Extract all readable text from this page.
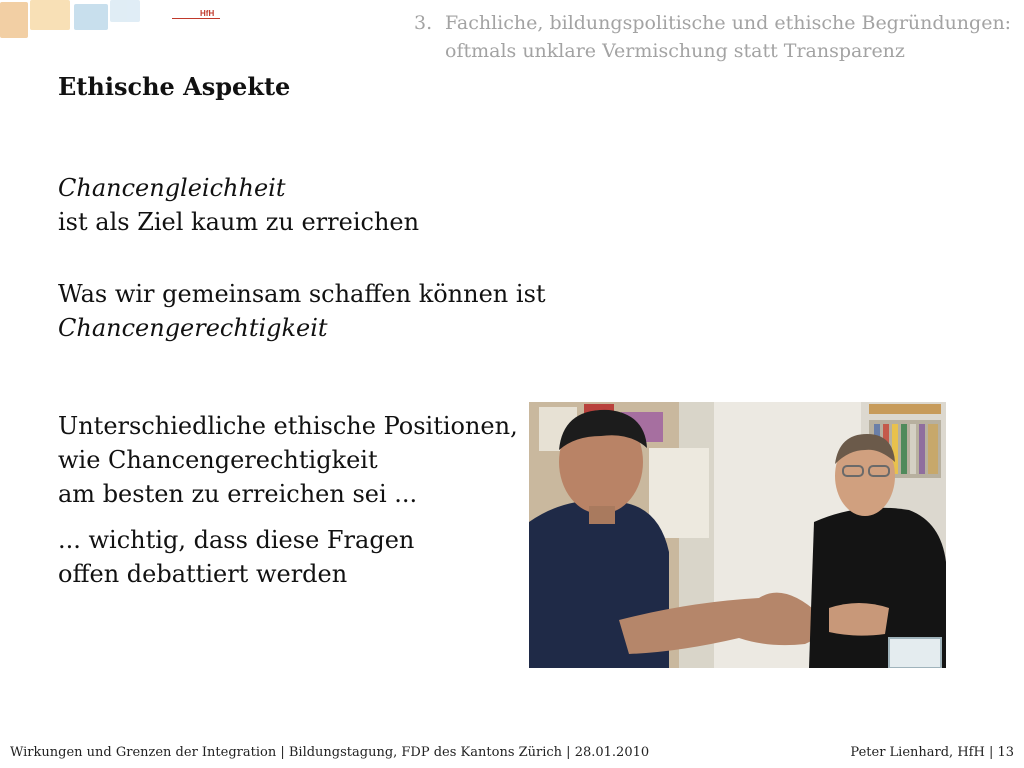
HfH	3. Fachliche, bildungspolitische und ethische Begründungen:
oftmals unklare Vermischung statt Transparenz
Ethische Aspekte
Chancengleichheit
ist als Ziel kaum zu erreichen
Was wir gemeinsam schaffen können ist
Chancengerechtigkeit
Unterschiedliche ethische Positionen,
wie Chancengerechtigkeit
am besten zu erreichen sei ...
... wichtig, dass diese Fragen
offen debattiert werden
Wirkungen und Grenzen der Integration | Bildungstagung, FDP des Kantons Zürich | 28.01.2010	Peter Lienhard, HfH | 13
